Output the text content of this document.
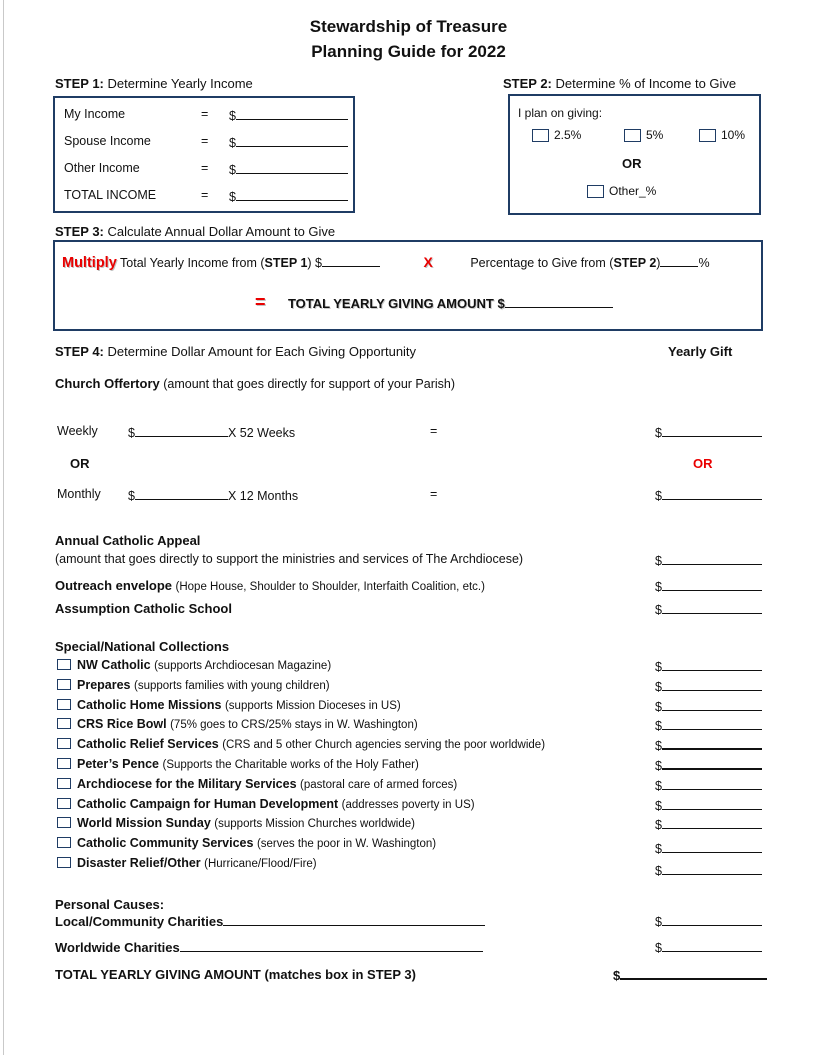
Stewardship of Treasure
Planning Guide for 2022
STEP 1: Determine Yearly Income
My Income	= $
Spouse Income	= $
Other Income	= $
TOTAL INCOME	= $
STEP 2: Determine % of Income to Give
I plan on giving:
2.5%	5%	10%
OR
Other_%
STEP 3: Calculate Annual Dollar Amount to Give
Multiply Total Yearly Income from (STEP 1) $	X	Percentage to Give from (STEP 2)	%
= TOTAL YEARLY GIVING AMOUNT $
STEP 4: Determine Dollar Amount for Each Giving Opportunity	Yearly Gift
Church Offertory (amount that goes directly for support of your Parish)
Weekly $	X 52 Weeks	=	$
OR	OR
Monthly $	X 12 Months	=	$
Annual Catholic Appeal
(amount that goes directly to support the ministries and services of The Archdiocese)	$
Outreach envelope (Hope House, Shoulder to Shoulder, Interfaith Coalition, etc.)	$
Assumption Catholic School	$
Special/National Collections
NW Catholic (supports Archdiocesan Magazine)	$
Prepares (supports families with young children)	$
Catholic Home Missions (supports Mission Dioceses in US)	$
CRS Rice Bowl (75% goes to CRS/25% stays in W. Washington)	$
Catholic Relief Services (CRS and 5 other Church agencies serving the poor worldwide)	$
Peter’s Pence (Supports the Charitable works of the Holy Father)	$
Archdiocese for the Military Services (pastoral care of armed forces)	$
Catholic Campaign for Human Development (addresses poverty in US)	$
World Mission Sunday (supports Mission Churches worldwide)	$
Catholic Community Services (serves the poor in W. Washington)	$
Disaster Relief/Other (Hurricane/Flood/Fire)	$
Personal Causes:
Local/Community Charities	$
Worldwide Charities	$
TOTAL YEARLY GIVING AMOUNT (matches box in STEP 3)	$
